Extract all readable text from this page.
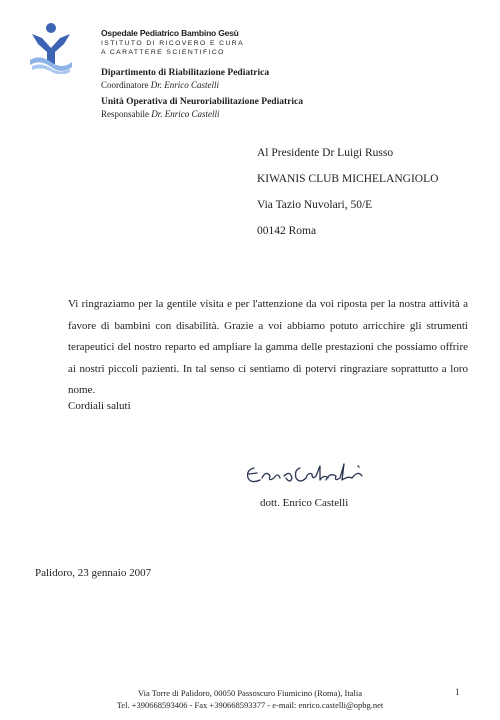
Ospedale Pediatrico Bambino Gesù
ISTITUTO DI RICOVERO E CURA
A CARATTERE SCIENTIFICO
Dipartimento di Riabilitazione Pediatrica
Coordinatore Dr. Enrico Castelli
Unità Operativa di Neuroriabilitazione Pediatrica
Responsabile Dr. Enrico Castelli
Al Presidente Dr Luigi Russo
KIWANIS CLUB MICHELANGIOLO
Via Tazio Nuvolari, 50/E
00142 Roma
Vi ringraziamo per la gentile visita e per l'attenzione da voi riposta per la nostra attività a favore di bambini con disabilità. Grazie a voi abbiamo potuto arricchire gli strumenti terapeutici del nostro reparto ed ampliare la gamma delle prestazioni che possiamo offrire ai nostri piccoli pazienti. In tal senso ci sentiamo di potervi ringraziare soprattutto a loro nome.
Cordiali saluti
dott. Enrico Castelli
Palidoro, 23 gennaio 2007
Via Torre di Palidoro, 00050 Passoscuro Fiumicino (Roma), Italia
Tel. +390668593406 - Fax +390668593377 - e-mail: enrico.castelli@opbg.net
1
